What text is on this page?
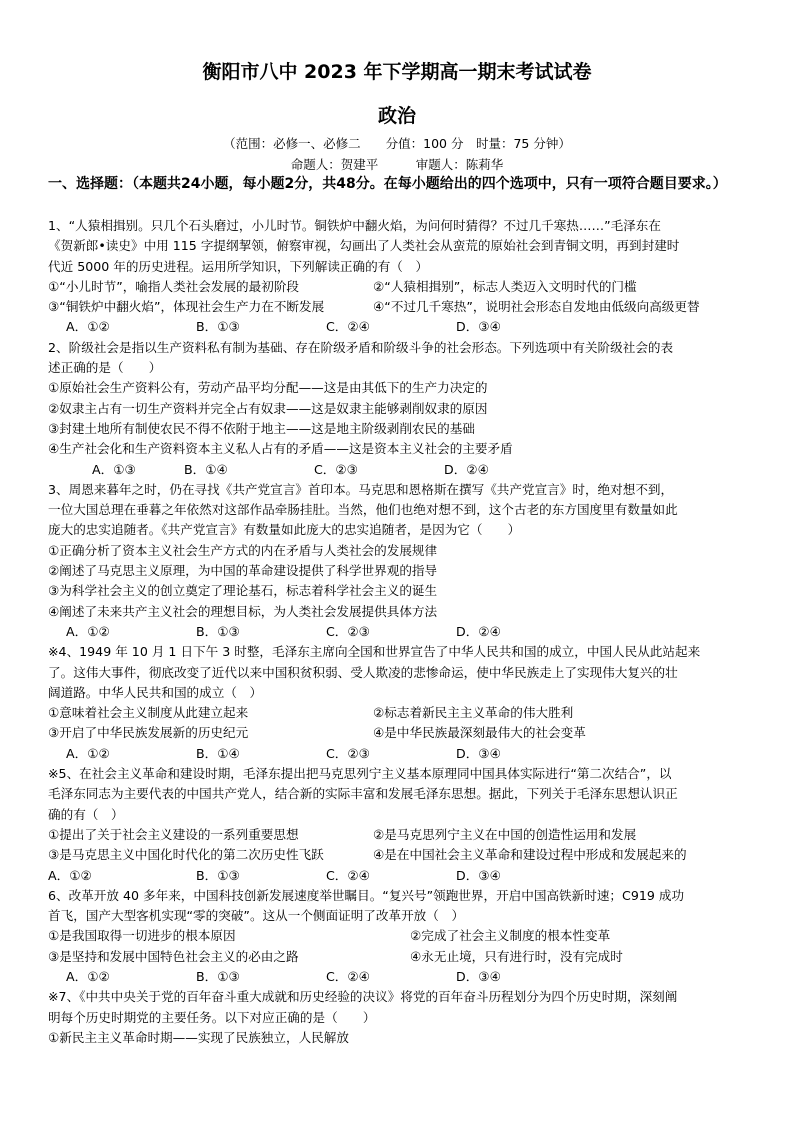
衡阳市八中 2023 年下学期高一期末考试试卷
政治
（范围：必修一、必修二　　分值：100 分　时量：75 分钟）
命题人：贺建平　　　审题人：陈莉华
一、选择题：（本题共24小题，每小题2分，共48分。在每小题给出的四个选项中，只有一项符合题目要求。）
1、“人猿相揖别。只几个石头磨过，小儿时节。铜铁炉中翻火焰，为问何时猜得？不过几千寒热……”毛泽东在
《贺新郎•读史》中用 115 字提纲挈领，俯察审视，勾画出了人类社会从蛮荒的原始社会到青铜文明，再到封建时
代近 5000 年的历史进程。运用所学知识，下列解读正确的有（　）
①“小儿时节”，喻指人类社会发展的最初阶段	②“人猿相揖别”，标志人类迈入文明时代的门槛
③“铜铁炉中翻火焰”，体现社会生产力在不断发展	④“不过几千寒热”，说明社会形态自发地由低级向高级更替
A．①②	B．①③	C．②④	D．③④
2、阶级社会是指以生产资料私有制为基础、存在阶级矛盾和阶级斗争的社会形态。下列选项中有关阶级社会的表
述正确的是（　　）
①原始社会生产资料公有，劳动产品平均分配——这是由其低下的生产力决定的
②奴隶主占有一切生产资料并完全占有奴隶——这是奴隶主能够剥削奴隶的原因
③封建土地所有制使农民不得不依附于地主——这是地主阶级剥削农民的基础
④生产社会化和生产资料资本主义私人占有的矛盾——这是资本主义社会的主要矛盾
A．①③	B．①④	C．②③	D．②④
3、周恩来暮年之时，仍在寻找《共产党宣言》首印本。马克思和恩格斯在撰写《共产党宣言》时，绝对想不到，
一位大国总理在垂暮之年依然对这部作品牵肠挂肚。当然，他们也绝对想不到，这个古老的东方国度里有数量如此
庞大的忠实追随者。《共产党宣言》有数量如此庞大的忠实追随者，是因为它（　　）
①正确分析了资本主义社会生产方式的内在矛盾与人类社会的发展规律
②阐述了马克思主义原理，为中国的革命建设提供了科学世界观的指导
③为科学社会主义的创立奠定了理论基石，标志着科学社会主义的诞生
④阐述了未来共产主义社会的理想目标，为人类社会发展提供具体方法
A．①②	B．①③	C．②③	D．②④
※4、1949 年 10 月 1 日下午 3 时整，毛泽东主席向全国和世界宣告了中华人民共和国的成立，中国人民从此站起来
了。这伟大事件，彻底改变了近代以来中国积贫积弱、受人欺凌的悲惨命运，使中华民族走上了实现伟大复兴的壮
阔道路。中华人民共和国的成立（　）
①意味着社会主义制度从此建立起来	②标志着新民主主义革命的伟大胜利
③开启了中华民族发展新的历史纪元	④是中华民族最深刻最伟大的社会变革
A．①②	B．①④	C．②③	D．③④
※5、在社会主义革命和建设时期，毛泽东提出把马克思列宁主义基本原理同中国具体实际进行“第二次结合”，以
毛泽东同志为主要代表的中国共产党人，结合新的实际丰富和发展毛泽东思想。据此，下列关于毛泽东思想认识正
确的有（　）
①提出了关于社会主义建设的一系列重要思想	②是马克思列宁主义在中国的创造性运用和发展
③是马克思主义中国化时代化的第二次历史性飞跃	④是在中国社会主义革命和建设过程中形成和发展起来的
A．①②	B．①③	C．②④	D．③④
6、改革开放 40 多年来，中国科技创新发展速度举世瞩目。“复兴号”领跑世界，开启中国高铁新时速；C919 成功
首飞，国产大型客机实现“零的突破”。这从一个侧面证明了改革开放（　）
①是我国取得一切进步的根本原因	②完成了社会主义制度的根本性变革
③是坚持和发展中国特色社会主义的必由之路	④永无止境，只有进行时，没有完成时
A．①②	B．①③	C．②④	D．③④
※7、《中共中央关于党的百年奋斗重大成就和历史经验的决议》将党的百年奋斗历程划分为四个历史时期，深刻阐
明每个历史时期党的主要任务。以下对应正确的是（　　）
①新民主主义革命时期——实现了民族独立，人民解放
